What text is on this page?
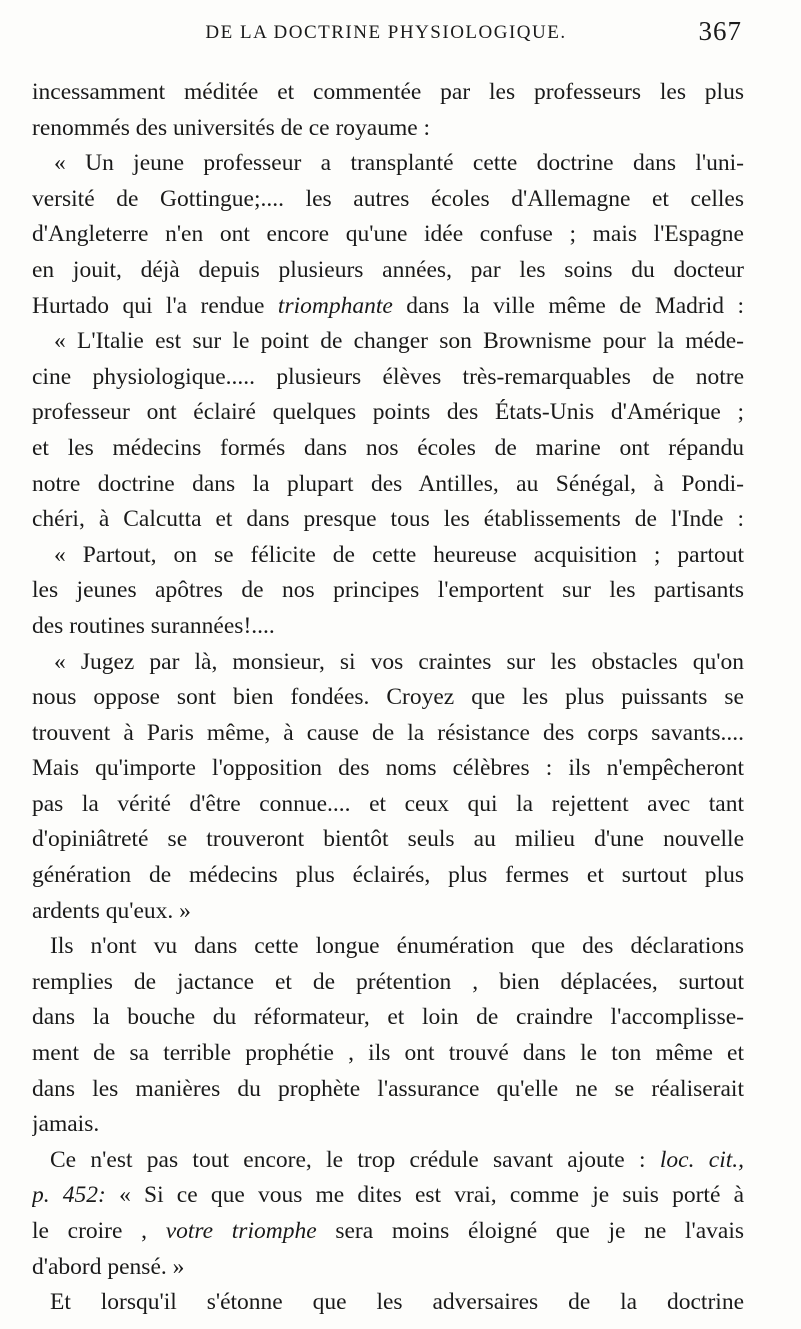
DE LA DOCTRINE PHYSIOLOGIQUE.	367
incessamment méditée et commentée par les professeurs les plus
renommés des universités de ce royaume :
« Un jeune professeur a transplanté cette doctrine dans l'uni-
versité de Gottingue;.... les autres écoles d'Allemagne et celles
d'Angleterre n'en ont encore qu'une idée confuse ; mais l'Espagne
en jouit, déjà depuis plusieurs années, par les soins du docteur
Hurtado qui l'a rendue triomphante dans la ville même de Madrid :
« L'Italie est sur le point de changer son Brownisme pour la méde-
cine physiologique..... plusieurs élèves très-remarquables de notre
professeur ont éclairé quelques points des États-Unis d'Amérique ;
et les médecins formés dans nos écoles de marine ont répandu
notre doctrine dans la plupart des Antilles, au Sénégal, à Pondi-
chéri, à Calcutta et dans presque tous les établissements de l'Inde :
« Partout, on se félicite de cette heureuse acquisition ; partout
les jeunes apôtres de nos principes l'emportent sur les partisants
des routines surannées!....
« Jugez par là, monsieur, si vos craintes sur les obstacles qu'on
nous oppose sont bien fondées. Croyez que les plus puissants se
trouvent à Paris même, à cause de la résistance des corps savants....
Mais qu'importe l'opposition des noms célèbres : ils n'empêcheront
pas la vérité d'être connue.... et ceux qui la rejettent avec tant
d'opiniâtreté se trouveront bientôt seuls au milieu d'une nouvelle
génération de médecins plus éclairés, plus fermes et surtout plus
ardents qu'eux. »
Ils n'ont vu dans cette longue énumération que des déclarations
remplies de jactance et de prétention , bien déplacées, surtout
dans la bouche du réformateur, et loin de craindre l'accomplisse-
ment de sa terrible prophétie , ils ont trouvé dans le ton même et
dans les manières du prophète l'assurance qu'elle ne se réaliserait
jamais.
Ce n'est pas tout encore, le trop crédule savant ajoute : loc. cit.,
p. 452: « Si ce que vous me dites est vrai, comme je suis porté à
le croire , votre triomphe sera moins éloigné que je ne l'avais
d'abord pensé. »
Et lorsqu'il s'étonne que les adversaires de la doctrine
